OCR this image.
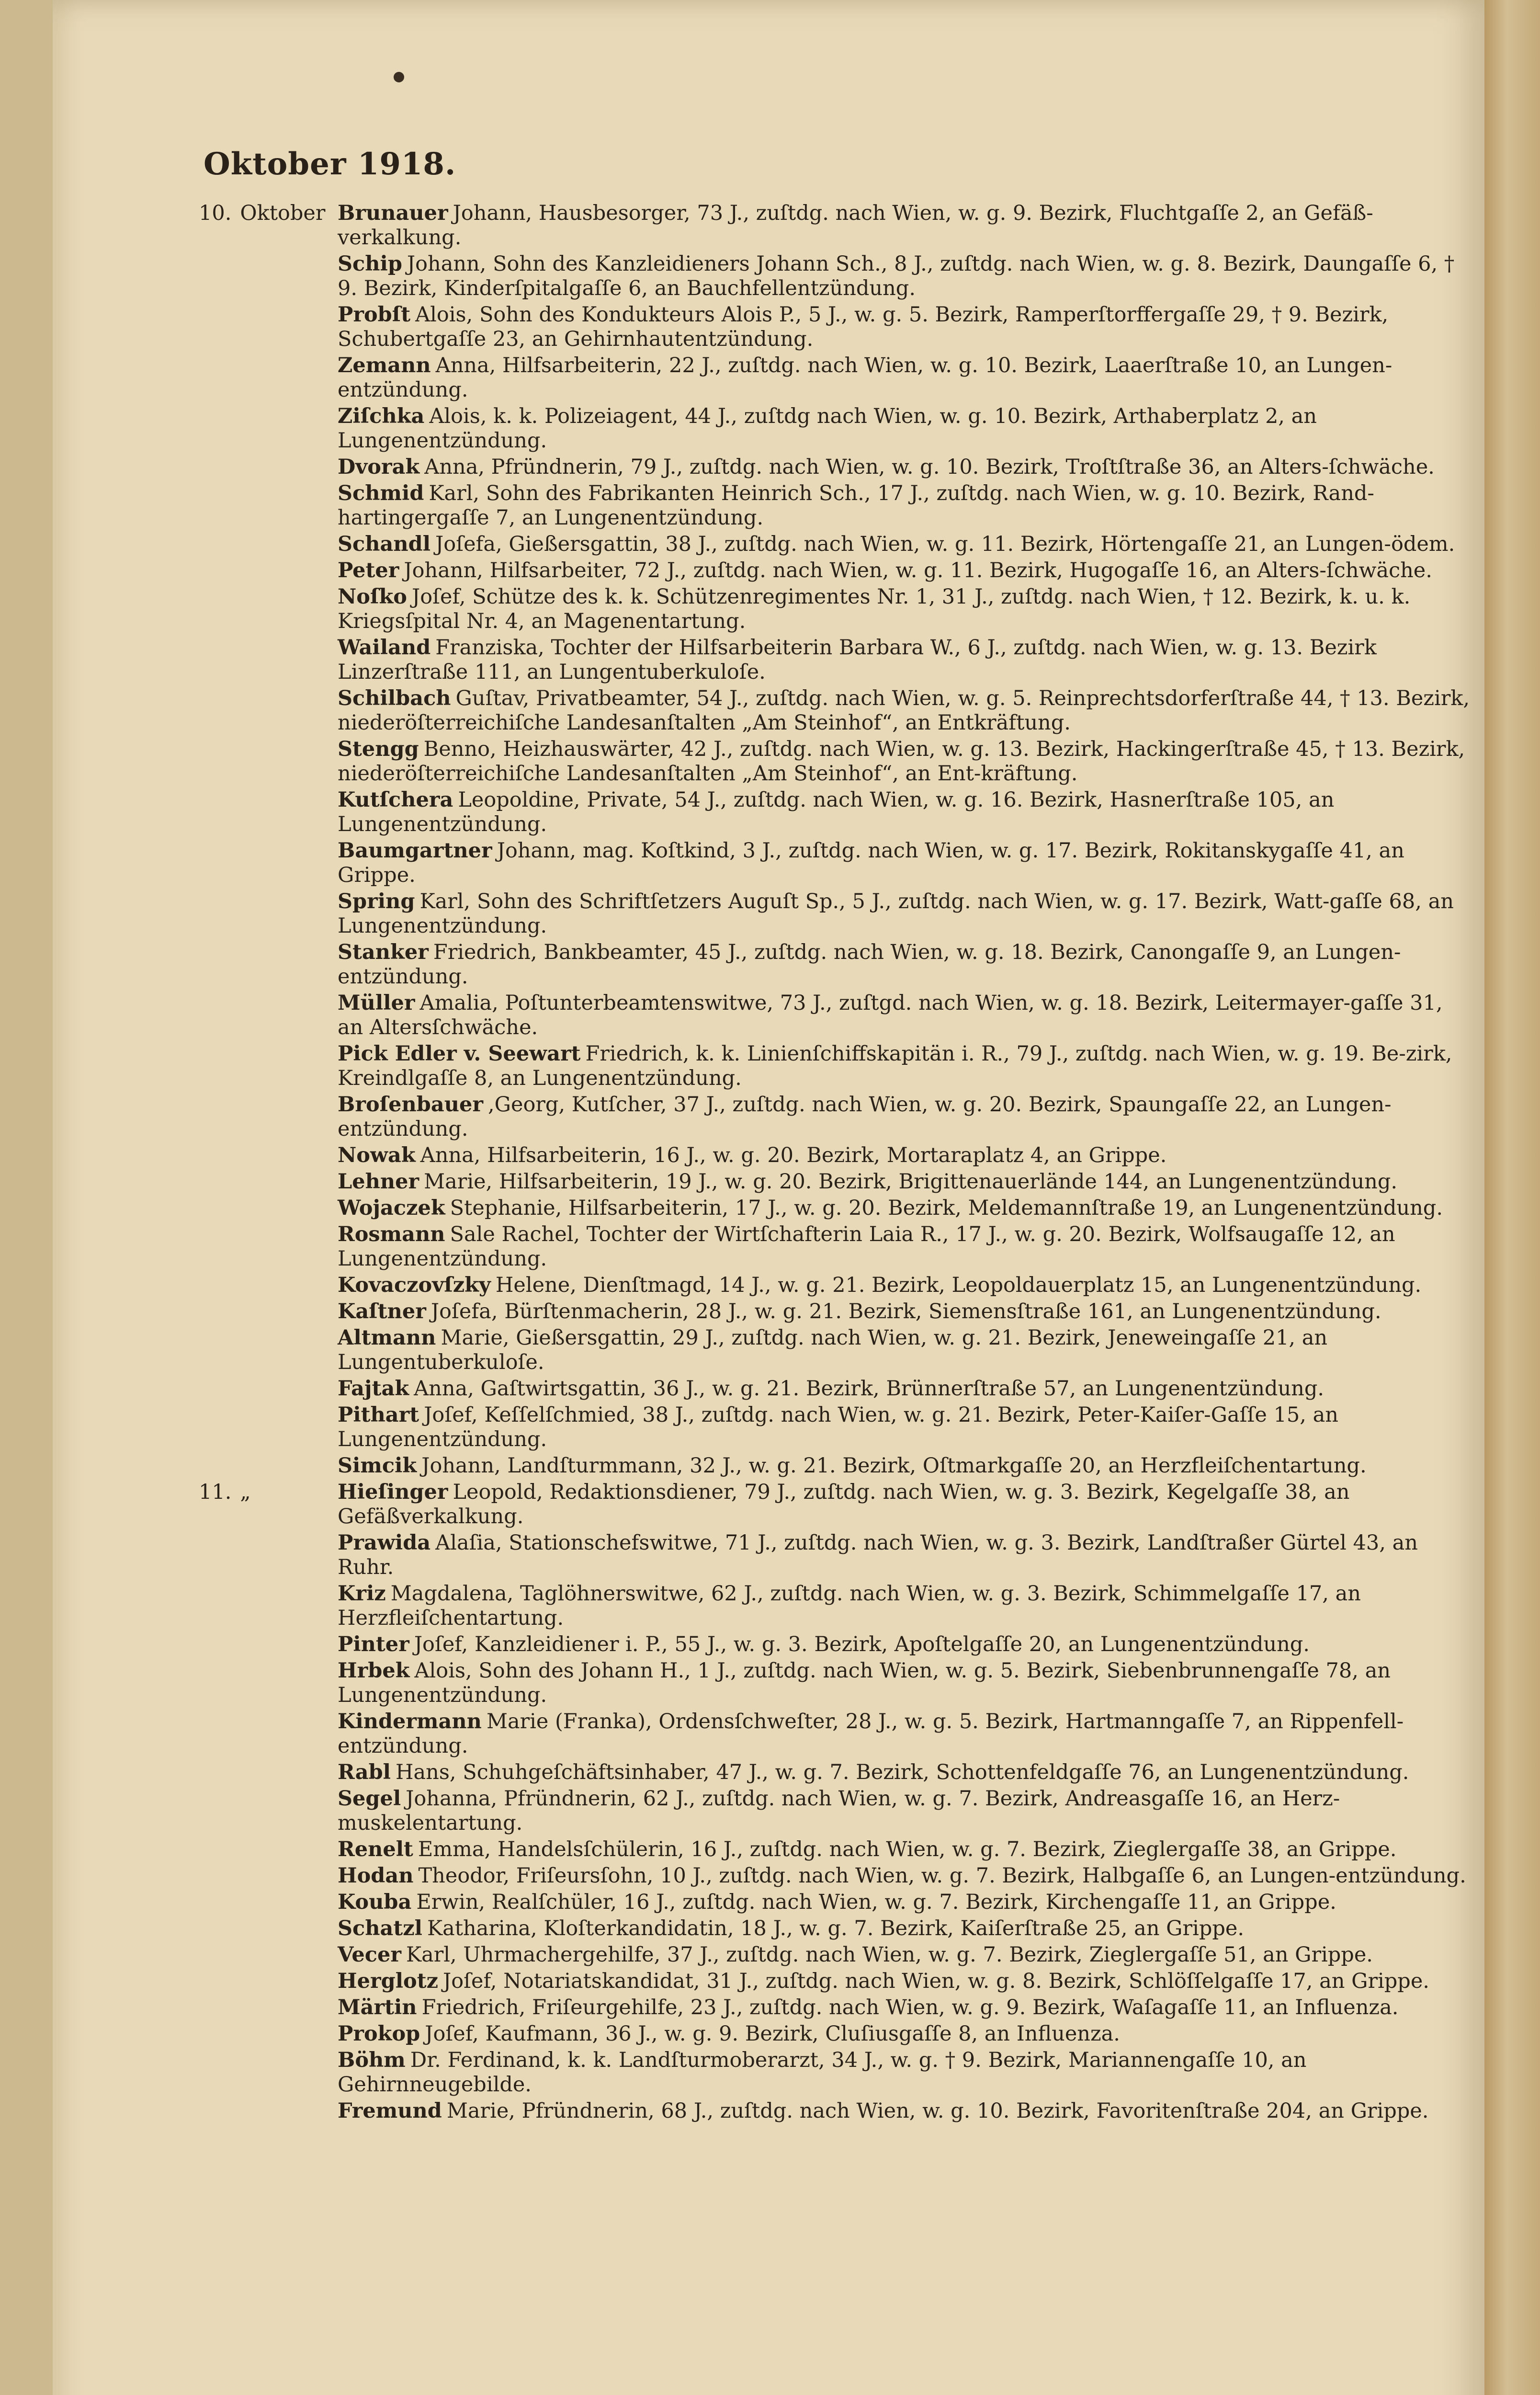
Oktober 1918.
10. Oktober Brunauer Johann, Hausbesorger, 73 J., zuſtdg. nach Wien, w. g. 9. Bezirk, Fluchtgaſſe 2, an Gefäß-verkalkung.
Schip Johann, Sohn des Kanzleidieners Johann Sch., 8 J., zuſtdg. nach Wien, w. g. 8. Bezirk, Daungaſſe 6, † 9. Bezirk, Kinderſpitalgaſſe 6, an Bauchfellentzündung.
Probſt Alois, Sohn des Kondukteurs Alois P., 5 J., w. g. 5. Bezirk, Ramperſtorffergaſſe 29, † 9. Bezirk, Schubertgaſſe 23, an Gehirnhautentzündung.
Zemann Anna, Hilfsarbeiterin, 22 J., zuſtdg. nach Wien, w. g. 10. Bezirk, Laaerſtraße 10, an Lungen-entzündung.
Ziſchka Alois, k. k. Polizeiagent, 44 J., zuſtdg nach Wien, w. g. 10. Bezirk, Arthaberplatz 2, an Lungenentzündung.
Dvorak Anna, Pfründnerin, 79 J., zuſtdg. nach Wien, w. g. 10. Bezirk, Troſtſtraße 36, an Alters-ſchwäche.
Schmid Karl, Sohn des Fabrikanten Heinrich Sch., 17 J., zuſtdg. nach Wien, w. g. 10. Bezirk, Rand-hartingergaſſe 7, an Lungenentzündung.
Schandl Joſefa, Gießersgattin, 38 J., zuſtdg. nach Wien, w. g. 11. Bezirk, Hörtengaſſe 21, an Lungen-ödem.
Peter Johann, Hilfsarbeiter, 72 J., zuſtdg. nach Wien, w. g. 11. Bezirk, Hugogaſſe 16, an Alters-ſchwäche.
Noſko Joſef, Schütze des k. k. Schützenregimentes Nr. 1, 31 J., zuſtdg. nach Wien, † 12. Bezirk, k. u. k. Kriegsſpital Nr. 4, an Magenentartung.
Wailand Franziska, Tochter der Hilfsarbeiterin Barbara W., 6 J., zuſtdg. nach Wien, w. g. 13. Bezirk Linzerſtraße 111, an Lungentuberkuloſe.
Schilbach Guſtav, Privatbeamter, 54 J., zuſtdg. nach Wien, w. g. 5. Reinprechtsdorferſtraße 44, † 13. Bezirk, niederöſterreichiſche Landesanſtalten „Am Steinhof“, an Entkräftung.
Stengg Benno, Heizhauswärter, 42 J., zuſtdg. nach Wien, w. g. 13. Bezirk, Hackingerſtraße 45, † 13. Bezirk, niederöſterreichiſche Landesanſtalten „Am Steinhof“, an Ent-kräftung.
Kutſchera Leopoldine, Private, 54 J., zuſtdg. nach Wien, w. g. 16. Bezirk, Hasnerſtraße 105, an Lungenentzündung.
Baumgartner Johann, mag. Koſtkind, 3 J., zuſtdg. nach Wien, w. g. 17. Bezirk, Rokitanskygaſſe 41, an Grippe.
Spring Karl, Sohn des Schriftſetzers Auguſt Sp., 5 J., zuſtdg. nach Wien, w. g. 17. Bezirk, Watt-gaſſe 68, an Lungenentzündung.
Stanker Friedrich, Bankbeamter, 45 J., zuſtdg. nach Wien, w. g. 18. Bezirk, Canongaſſe 9, an Lungen-entzündung.
Müller Amalia, Poſtunterbeamtenswitwe, 73 J., zuſtgd. nach Wien, w. g. 18. Bezirk, Leitermayer-gaſſe 31, an Altersſchwäche.
Pick Edler v. Seewart Friedrich, k. k. Linienſchiffskapitän i. R., 79 J., zuſtdg. nach Wien, w. g. 19. Be-zirk, Kreindlgaſſe 8, an Lungenentzündung.
Broſenbauer ,Georg, Kutſcher, 37 J., zuſtdg. nach Wien, w. g. 20. Bezirk, Spaungaſſe 22, an Lungen-entzündung.
Nowak Anna, Hilfsarbeiterin, 16 J., w. g. 20. Bezirk, Mortaraplatz 4, an Grippe.
Lehner Marie, Hilfsarbeiterin, 19 J., w. g. 20. Bezirk, Brigittenauerlände 144, an Lungenentzündung.
Wojaczek Stephanie, Hilfsarbeiterin, 17 J., w. g. 20. Bezirk, Meldemannſtraße 19, an Lungenentzündung.
Rosmann Sale Rachel, Tochter der Wirtſchafterin Laia R., 17 J., w. g. 20. Bezirk, Wolfsaugaſſe 12, an Lungenentzündung.
Kovaczovſzky Helene, Dienſtmagd, 14 J., w. g. 21. Bezirk, Leopoldauerplatz 15, an Lungenentzündung.
Kaſtner Joſefa, Bürſtenmacherin, 28 J., w. g. 21. Bezirk, Siemensſtraße 161, an Lungenentzündung.
Altmann Marie, Gießersgattin, 29 J., zuſtdg. nach Wien, w. g. 21. Bezirk, Jeneweingaſſe 21, an Lungentuberkuloſe.
Fajtak Anna, Gaſtwirtsgattin, 36 J., w. g. 21. Bezirk, Brünnerſtraße 57, an Lungenentzündung.
Pithart Joſef, Keſſelſchmied, 38 J., zuſtdg. nach Wien, w. g. 21. Bezirk, Peter-Kaiſer-Gaſſe 15, an Lungenentzündung.
Simcik Johann, Landſturmmann, 32 J., w. g. 21. Bezirk, Oſtmarkgaſſe 20, an Herzfleiſchentartung.
11. „	Hieſinger Leopold, Redaktionsdiener, 79 J., zuſtdg. nach Wien, w. g. 3. Bezirk, Kegelgaſſe 38, an Gefäßverkalkung.
Prawida Alaſia, Stationschefswitwe, 71 J., zuſtdg. nach Wien, w. g. 3. Bezirk, Landſtraßer Gürtel 43, an Ruhr.
Kriz Magdalena, Taglöhnerswitwe, 62 J., zuſtdg. nach Wien, w. g. 3. Bezirk, Schimmelgaſſe 17, an Herzfleiſchentartung.
Pinter Joſef, Kanzleidiener i. P., 55 J., w. g. 3. Bezirk, Apoſtelgaſſe 20, an Lungenentzündung.
Hrbek Alois, Sohn des Johann H., 1 J., zuſtdg. nach Wien, w. g. 5. Bezirk, Siebenbrunnengaſſe 78, an Lungenentzündung.
Kindermann Marie (Franka), Ordensſchweſter, 28 J., w. g. 5. Bezirk, Hartmanngaſſe 7, an Rippenfell-entzündung.
Rabl Hans, Schuhgeſchäftsinhaber, 47 J., w. g. 7. Bezirk, Schottenfeldgaſſe 76, an Lungenentzündung.
Segel Johanna, Pfründnerin, 62 J., zuſtdg. nach Wien, w. g. 7. Bezirk, Andreasgaſſe 16, an Herz-muskelentartung.
Renelt Emma, Handelsſchülerin, 16 J., zuſtdg. nach Wien, w. g. 7. Bezirk, Zieglergaſſe 38, an Grippe.
Hodan Theodor, Friſeursſohn, 10 J., zuſtdg. nach Wien, w. g. 7. Bezirk, Halbgaſſe 6, an Lungen-entzündung.
Kouba Erwin, Realſchüler, 16 J., zuſtdg. nach Wien, w. g. 7. Bezirk, Kirchengaſſe 11, an Grippe.
Schatzl Katharina, Kloſterkandidatin, 18 J., w. g. 7. Bezirk, Kaiſerſtraße 25, an Grippe.
Vecer Karl, Uhrmachergehilfe, 37 J., zuſtdg. nach Wien, w. g. 7. Bezirk, Zieglergaſſe 51, an Grippe.
Herglotz Joſef, Notariatskandidat, 31 J., zuſtdg. nach Wien, w. g. 8. Bezirk, Schlöſſelgaſſe 17, an Grippe.
Märtin Friedrich, Friſeurgehilfe, 23 J., zuſtdg. nach Wien, w. g. 9. Bezirk, Waſagaſſe 11, an Influenza.
Prokop Joſef, Kaufmann, 36 J., w. g. 9. Bezirk, Cluſiusgaſſe 8, an Influenza.
Böhm Dr. Ferdinand, k. k. Landſturmoberarzt, 34 J., w. g. † 9. Bezirk, Mariannengaſſe 10, an Gehirnneugebilde.
Fremund Marie, Pfründnerin, 68 J., zuſtdg. nach Wien, w. g. 10. Bezirk, Favoritenſtraße 204, an Grippe.
